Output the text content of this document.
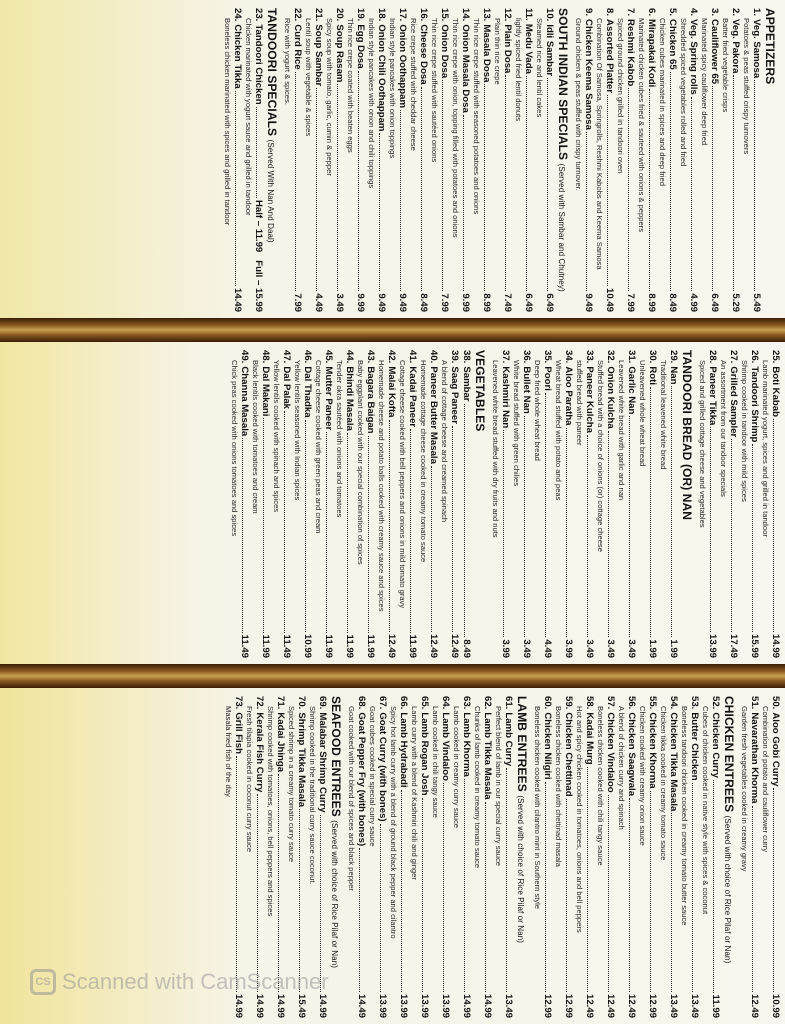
APPETIZERS
1.
Veg. Samosa
5.49
Potatoes & peas stuffed crispy turnovers
2.
Veg. Pakora
5.29
Batter fried vegetable crisps
3.
Cauliflower 65
6.49
Marinated spicy cauliflower deep fried
4.
Veg. Spring rolls
4.99
Shredded spiced vegetables rolled and fried
5.
Chicken 65
8.49
Chicken cubes marinated in spices and deep fried
6.
Mirapakai Kodi
8.99
Marinated chicken cubes fried & sauteed with onions & peppers
7.
Reshmi Kabob
7.99
Spiced ground chicken grilled in tandoori oven
8.
Assorted Platter
10.49
Combination Of Samosa, Springrolls, Reshmi Kabobs and Keema Samosa
9.
Chicken Keema Samosa
9.49
Ground chicken & peas stuffed with crispy turnover.
SOUTH INDIAN SPECIALS (Served with Sambar and Chutney)
10.
Idli Sambar
6.49
Steamed rice and lentil cakes
11.
Medu Vada
6.49
lightly spiced fried lentil donuts
12.
Plain Dosa
7.49
Plain thin rice crepe
13.
Masala Dosa
8.99
Thin rice crepe stuffed with seasoned potatoes and onions
14.
Onion Masala Dosa
9.99
Thin rice crepe with onion, topping filled with potatoes and onions
15.
Onion Dosa
7.99
Thin rice crepe stuffed with sautéed onions
16.
Cheese Dosa
8.49
Rice crepe stuffed with cheddar cheese
17.
Onion Oothappam
9.49
Indian style pancakes with onion toppings
18.
Onion Chili Oothappam
9.49
Indian style pancakes with onion and chili toppings
19.
Egg Dosa
9.99
Thin rice crepe coated with beaten eggs
20.
Soup Rasam
3.49
Spicy soup with tomato, garlic, cumin & pepper
21.
Soup Sambar
4.49
Lentil soup with vegetable & spices
22.
Curd Rice
7.99
Rice with yogurt & spices.
TANDOORI SPECIALS (Served With Nan And Daal)
23.
Tandoori Chicken
Half – 11.99
Full – 15.99
Chicken marinated with yogurt sauce and grilled in tandoor
24.
Chicken Tikka
14.49
Boneless chicken marinated with spices and grilled in tandoor
25.
Boti Kabab
14.99
Lamb marinated yogurt, spices and grilled in tandoor
26.
Tandoori Shrimp
15.99
Shrimp cooked in tandoor with mild spices
27.
Grilled Sampler
17.49
An assortment from our tandoor specials
28.
Paneer Tikka
13.99
Spiced and grilled cottage cheese and vegetables
TANDOORI BREAD (OR) NAN
29.
Nan
1.99
Traditional leavened white bread
30.
Roti
1.99
Unleavened whole wheat bread
31.
Garlic Nan
3.49
Leavened white bread with garlic and nan
32.
Onion Kulcha
3.49
Stuffed bread with a choice of onions (or) cottage cheese
33.
Paneer Kulcha
3.49
stuffed bread with paneer
34.
Aloo Paratha
3.99
Wheat bread stuffed with potato and peas
35.
Poori
4.49
Deep fried whole wheat bread
36.
Bullet Nan
3.49
White bread stuffed with green chilies
37.
Kashmiri Nan
3.99
Leavened white bread stuffed with dry fruits and nuts
VEGETABLES
38.
Sambar
8.49
39.
Saag Paneer
12.49
A blend of cottage cheese and creamed spinach
40.
Paneer Butter Masala
12.49
Homemade cottage cheese cooked in creamy tomato sauce
41.
Kadai Paneer
11.99
Cottage cheese cooked with bell peppers and onions in mild tomato gravy
42.
Malai Kofta
12.49
Homemade cheese and potato balls cooked with creamy sauce and spices
43.
Bagara Baigan
11.99
Baby eggplant cooked with our special combination of spices
44.
Bhindi Masala
11.99
Tender okra sautéed with onions and tomatoes
45.
Mutter Paneer
11.99
Cottage cheese cooked with green peas and cream
46.
Dal Thadka
10.99
Yellow lentils seasoned with Indian spices
47.
Dal Palak
11.49
Yellow lentils cooked with spinach and spices
48.
Dal Makani
11.99
Black lentils cooked with tomatoes and cream
49.
Channa Masala
11.49
Chick peas cooked with onions tomatoes and spices
50.
Aloo Gobi Curry
10.99
Combination of potato and cauliflower curry
51.
Navarathan Khorma
12.49
Garden fresh vegetables cooked in creamy gravy
CHICKEN ENTREES (Served with choice of Rice Pilaf or Nan)
52.
Chicken Curry
11.99
Cubes of chicken cooked in native style with spices & coconut
53.
Butter Chicken
13.49
Boneless tandoori chicken cooked in creamy tomato butter sauce
54.
Chicken Tikka Masala
13.49
Chicken tikka cooked in creamy tomato sauce
55.
Chicken Khorma
12.99
Chicken cooked with creamy onion sauce
56.
Chicken Saagwala
12.49
A blend of chicken curry and spinach
57.
Chicken Vindaloo
12.49
Boneless chicken cooked with chili tangy sauce
58.
Kadai Murg
12.49
Hot and spicy chicken cooked in tomatoes, onions and bell peppers
59.
Chicken Chettinad
12.99
Boneless chicken cooked with chettinad masala
60.
Chicken Nilgiri
12.99
Boneless chicken cooked with cilantro mint in Southern style
LAMB ENTREES (Served with choice of Rice Pilaf or Nan)
61.
Lamb Curry
13.49
Perfect blend of lamb in our special curry sauce
62.
Lamb Tikka Masala
14.99
Chunks of lamb cooked in creamy tomato sauce
63.
Lamb Khorma
14.99
Lamb cooked in creamy curry sauce
64.
Lamb Vindaloo
13.99
Lamb cooked in chili tangy sauce
65.
Lamb Rogan Josh
13.99
Lamb curry with a blend of Kashmiri chili and ginger
66.
Lamb Hydrabadi
13.99
Spicy hot lamb curry with a blend of ground black pepper and cilantro
67.
Goat Curry (with bones)
13.99
Goat cubes cooked in special curry sauce
68.
Goat Pepper Fry (with bones)
14.49
Goat cooked with our blend of spices and black pepper
SEAFOOD ENTREES (Served with choice of Rice Pilaf or Nan)
69.
Malabar Shrimp Curry
14.99
Shrimp cooked in the traditional curry sauce coconut.
70.
Shrimp Tikka Masala
15.49
Spiced shrimp in a creamy tomato curry sauce
71.
Kadai Jhinga
14.99
Shrimp cooked with tomatoes, onions, bell peppers and spices
72.
Kerala Fish Curry
14.99
Fresh tilapia cooked in coconut curry sauce
73.
Grill Fish
14.99
Masala fried fish of the day
CS Scanned with CamScanner
